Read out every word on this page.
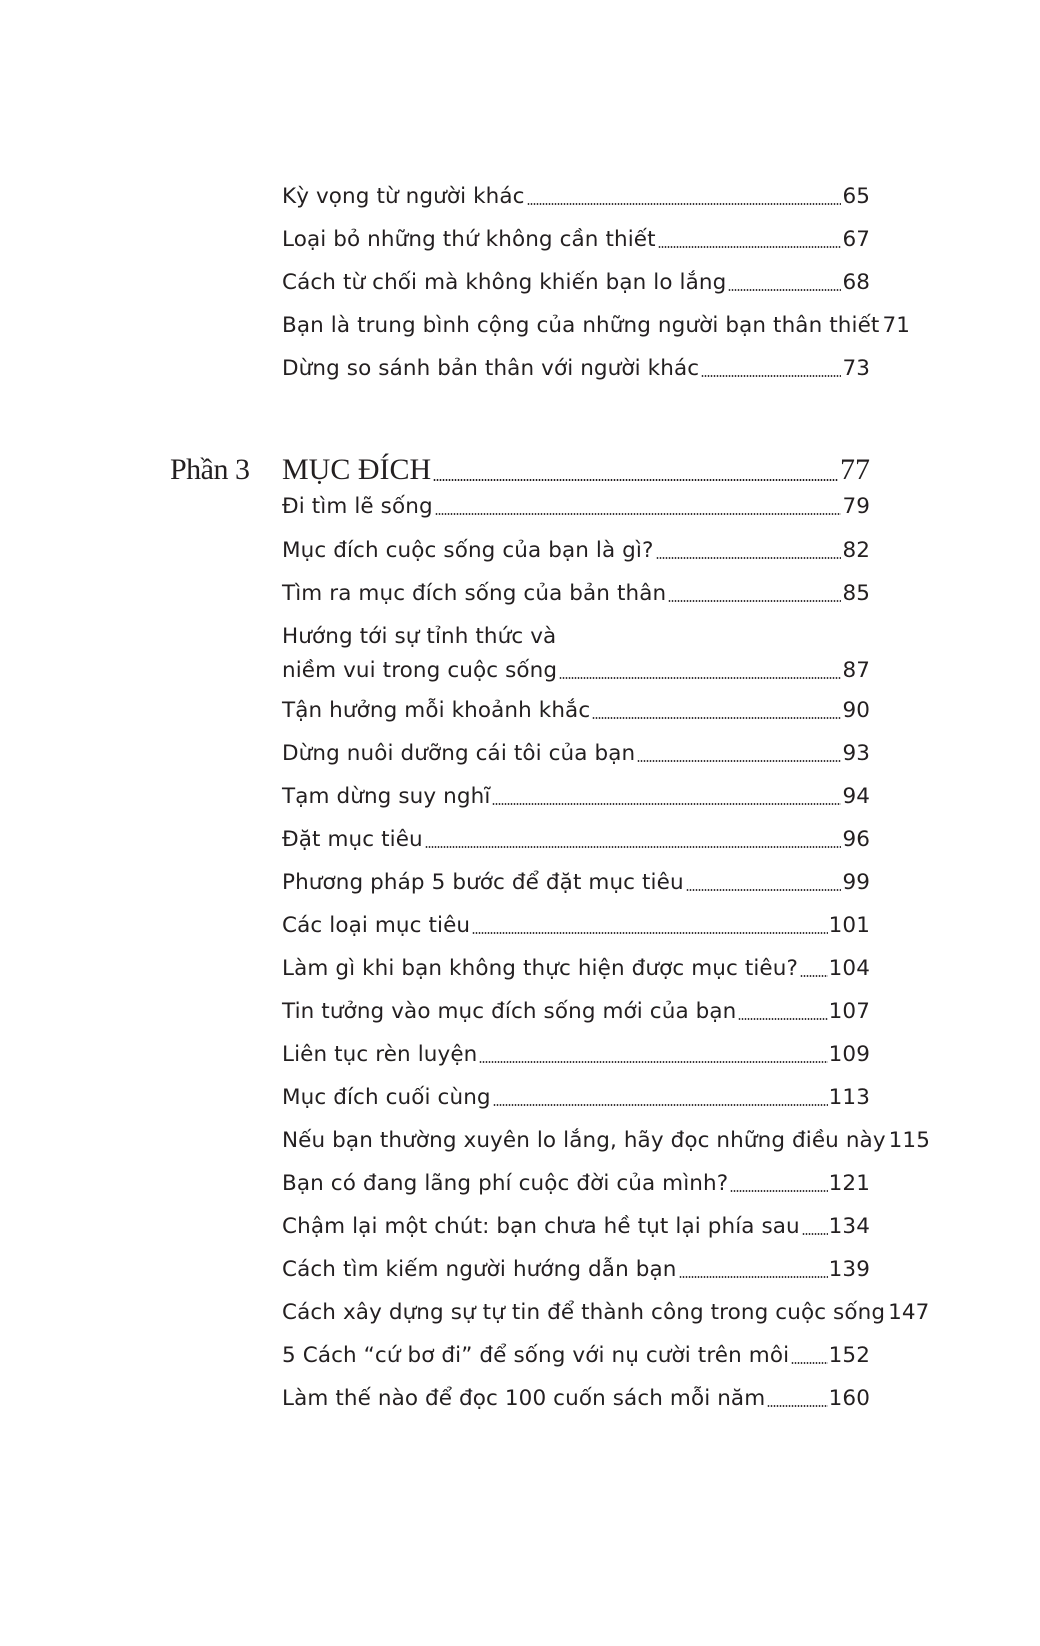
Kỳ vọng từ người khác	65
Loại bỏ những thứ không cần thiết	67
Cách từ chối mà không khiến bạn lo lắng	68
Bạn là trung bình cộng của những người bạn thân thiết 71
Dừng so sánh bản thân với người khác	73
Phần 3 MỤC ĐÍCH	77
Đi tìm lẽ sống	79
Mục đích cuộc sống của bạn là gì?	82
Tìm ra mục đích sống của bản thân	85
Hướng tới sự tỉnh thức và
niềm vui trong cuộc sống	87
Tận hưởng mỗi khoảnh khắc	90
Dừng nuôi dưỡng cái tôi của bạn	93
Tạm dừng suy nghĩ	94
Đặt mục tiêu	96
Phương pháp 5 bước để đặt mục tiêu	99
Các loại mục tiêu	101
Làm gì khi bạn không thực hiện được mục tiêu? 104
Tin tưởng vào mục đích sống mới của bạn	107
Liên tục rèn luyện	109
Mục đích cuối cùng	113
Nếu bạn thường xuyên lo lắng, hãy đọc những điều này 115
Bạn có đang lãng phí cuộc đời của mình?	121
Chậm lại một chút: bạn chưa hề tụt lại phía sau 134
Cách tìm kiếm người hướng dẫn bạn	139
Cách xây dựng sự tự tin để thành công trong cuộc sống 147
5 Cách “cứ bơ đi” để sống với nụ cười trên môi 152
Làm thế nào để đọc 100 cuốn sách mỗi năm	160
